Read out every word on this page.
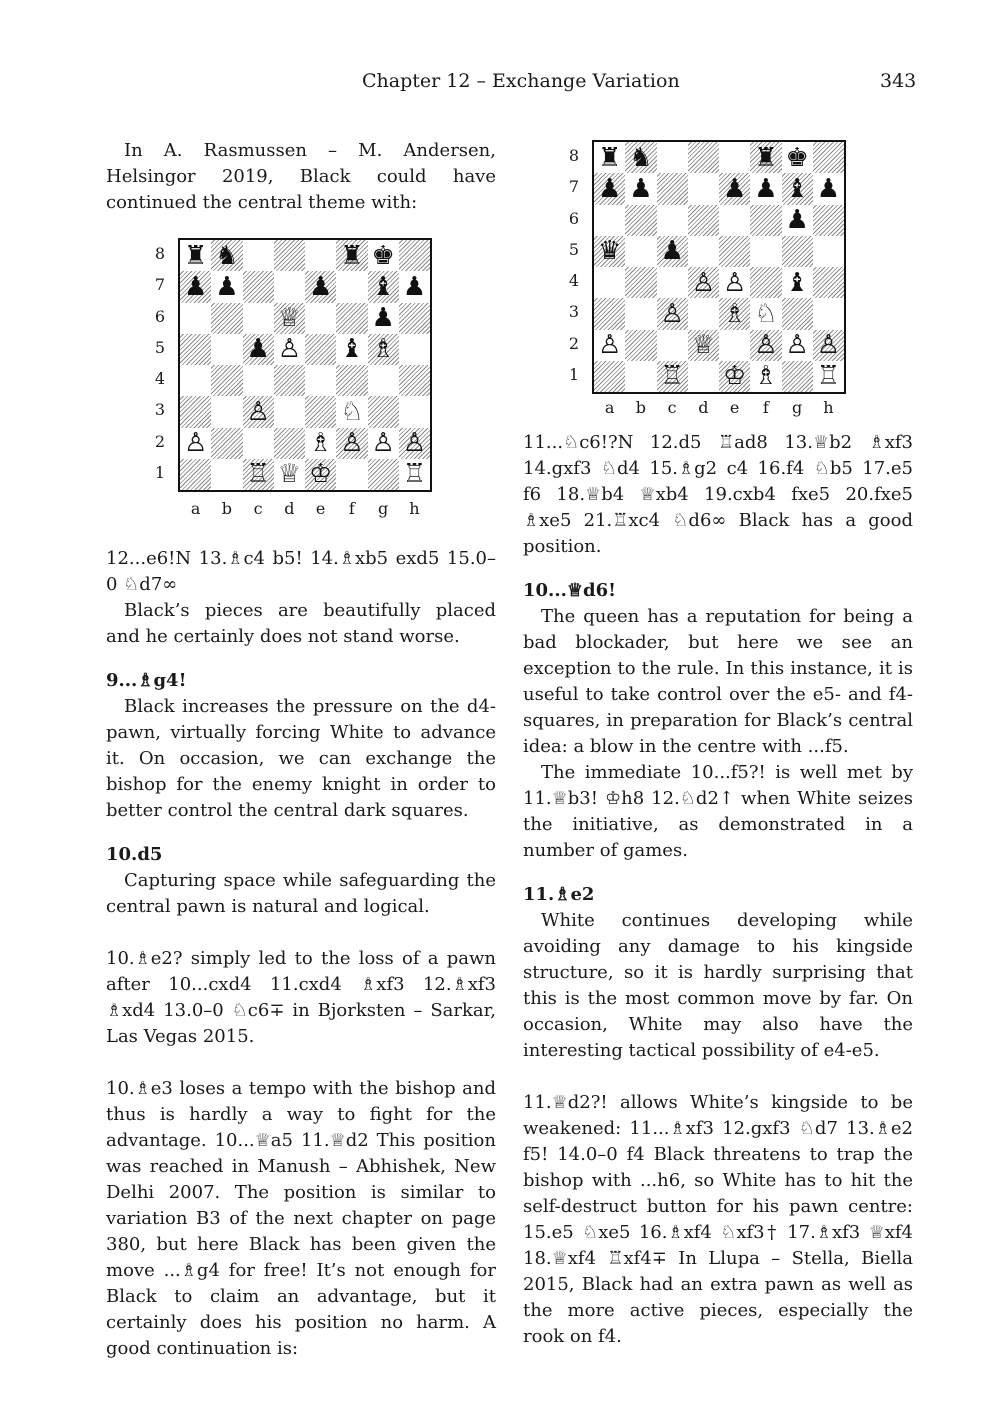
Chapter 12 – Exchange Variation	343

In A. Rasmussen – M. Andersen, Helsingor 2019, Black could have continued the central theme with:

8
7
6
5
4
3
2
1
♜ ♞	♜ ♚
♟ ♟	♟ ♝ ♟
♕	♟
♟ ♙ ♝ ♗
♙	♘
♙	♗ ♙ ♙ ♙
♖ ♕ ♔	♖
a	b	c	d	e	f	g	h

12...e6!N 13.♗c4 b5! 14.♗xb5 exd5 15.0–0 ♘d7∞

Black’s pieces are beautifully placed and he certainly does not stand worse.

9...♗g4!

Black increases the pressure on the d4-pawn, virtually forcing White to advance it. On occasion, we can exchange the bishop for the enemy knight in order to better control the central dark squares.

10.d5

Capturing space while safeguarding the central pawn is natural and logical.

10.♗e2? simply led to the loss of a pawn after 10...cxd4 11.cxd4 ♗xf3 12.♗xf3 ♗xd4 13.0–0 ♘c6∓ in Bjorksten – Sarkar, Las Vegas 2015.

10.♗e3 loses a tempo with the bishop and thus is hardly a way to fight for the advantage. 10...♕a5 11.♕d2 This position was reached in Manush – Abhishek, New Delhi 2007. The position is similar to variation B3 of the next chapter on page 380, but here Black has been given the move ...♗g4 for free! It’s not enough for Black to claim an advantage, but it certainly does his position no harm. A good continuation is:

8
7
6
5
4
3
2
1
♜ ♞	♜ ♚
♟ ♟	♟ ♟ ♝ ♟
♟
♛ ♟
♙ ♙ ♝
♙ ♗ ♘
♙	♕ ♙ ♙ ♙
♖ ♔ ♗ ♖
a	b	c	d	e	f	g	h

11...♘c6!?N 12.d5 ♖ad8 13.♕b2 ♗xf3 14.gxf3 ♘d4 15.♗g2 c4 16.f4 ♘b5 17.e5 f6 18.♕b4 ♕xb4 19.cxb4 fxe5 20.fxe5 ♗xe5 21.♖xc4 ♘d6∞ Black has a good position.

10...♕d6!

The queen has a reputation for being a bad blockader, but here we see an exception to the rule. In this instance, it is useful to take control over the e5- and f4-squares, in preparation for Black’s central idea: a blow in the centre with ...f5.

The immediate 10...f5?! is well met by 11.♕b3! ♔h8 12.♘d2↑ when White seizes the initiative, as demonstrated in a number of games.

11.♗e2

White continues developing while avoiding any damage to his kingside structure, so it is hardly surprising that this is the most common move by far. On occasion, White may also have the interesting tactical possibility of e4-e5.

11.♕d2?! allows White’s kingside to be weakened: 11...♗xf3 12.gxf3 ♘d7 13.♗e2 f5! 14.0–0 f4 Black threatens to trap the bishop with ...h6, so White has to hit the self-destruct button for his pawn centre: 15.e5 ♘xe5 16.♗xf4 ♘xf3† 17.♗xf3 ♕xf4 18.♕xf4 ♖xf4∓ In Llupa – Stella, Biella 2015, Black had an extra pawn as well as the more active pieces, especially the rook on f4.
